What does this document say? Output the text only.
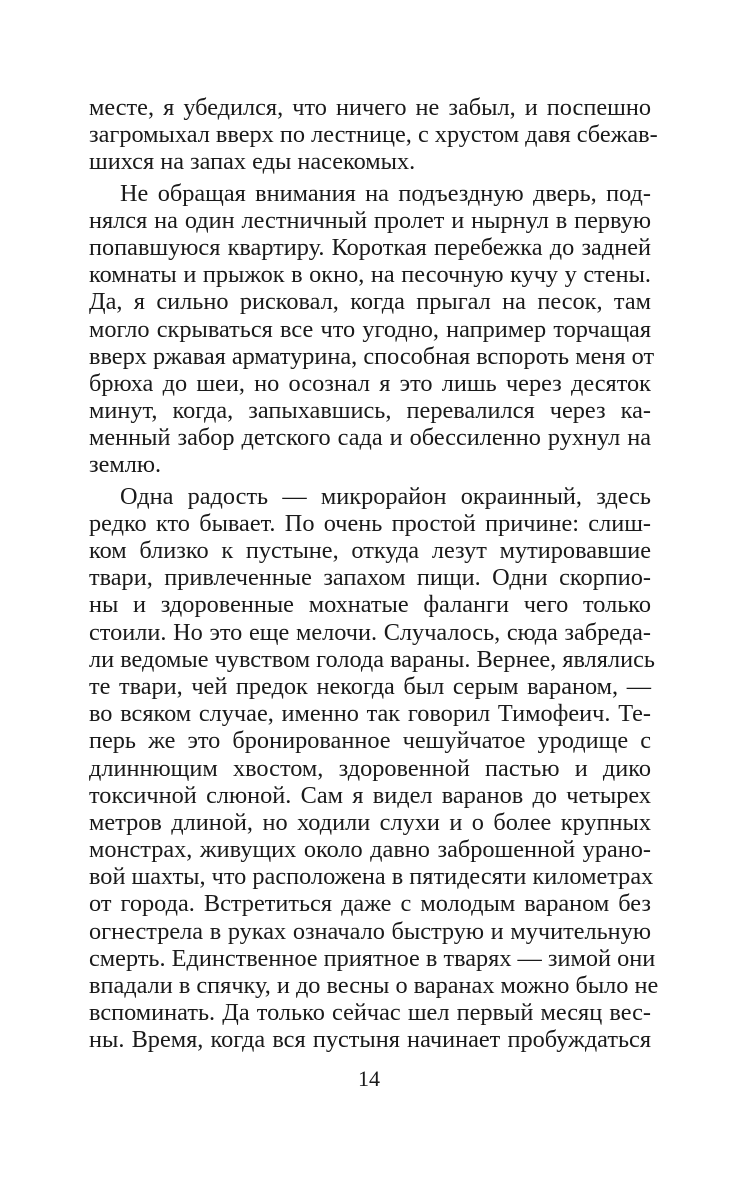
месте, я убедился, что ничего не забыл, и поспешно
загромыхал вверх по лестнице, с хрустом давя сбежав-
шихся на запах еды насекомых.
Не обращая внимания на подъездную дверь, под-
нялся на один лестничный пролет и нырнул в первую
попавшуюся квартиру. Короткая перебежка до задней
комнаты и прыжок в окно, на песочную кучу у стены.
Да, я сильно рисковал, когда прыгал на песок, там
могло скрываться все что угодно, например торчащая
вверх ржавая арматурина, способная вспороть меня от
брюха до шеи, но осознал я это лишь через десяток
минут, когда, запыхавшись, перевалился через ка-
менный забор детского сада и обессиленно рухнул на
землю.
Одна радость — микрорайон окраинный, здесь
редко кто бывает. По очень простой причине: слиш-
ком близко к пустыне, откуда лезут мутировавшие
твари, привлеченные запахом пищи. Одни скорпио-
ны и здоровенные мохнатые фаланги чего только
стоили. Но это еще мелочи. Случалось, сюда забреда-
ли ведомые чувством голода вараны. Вернее, являлись
те твари, чей предок некогда был серым вараном, —
во всяком случае, именно так говорил Тимофеич. Те-
перь же это бронированное чешуйчатое уродище с
длиннющим хвостом, здоровенной пастью и дико
токсичной слюной. Сам я видел варанов до четырех
метров длиной, но ходили слухи и о более крупных
монстрах, живущих около давно заброшенной урано-
вой шахты, что расположена в пятидесяти километрах
от города. Встретиться даже с молодым вараном без
огнестрела в руках означало быструю и мучительную
смерть. Единственное приятное в тварях — зимой они
впадали в спячку, и до весны о варанах можно было не
вспоминать. Да только сейчас шел первый месяц вес-
ны. Время, когда вся пустыня начинает пробуждаться
14
